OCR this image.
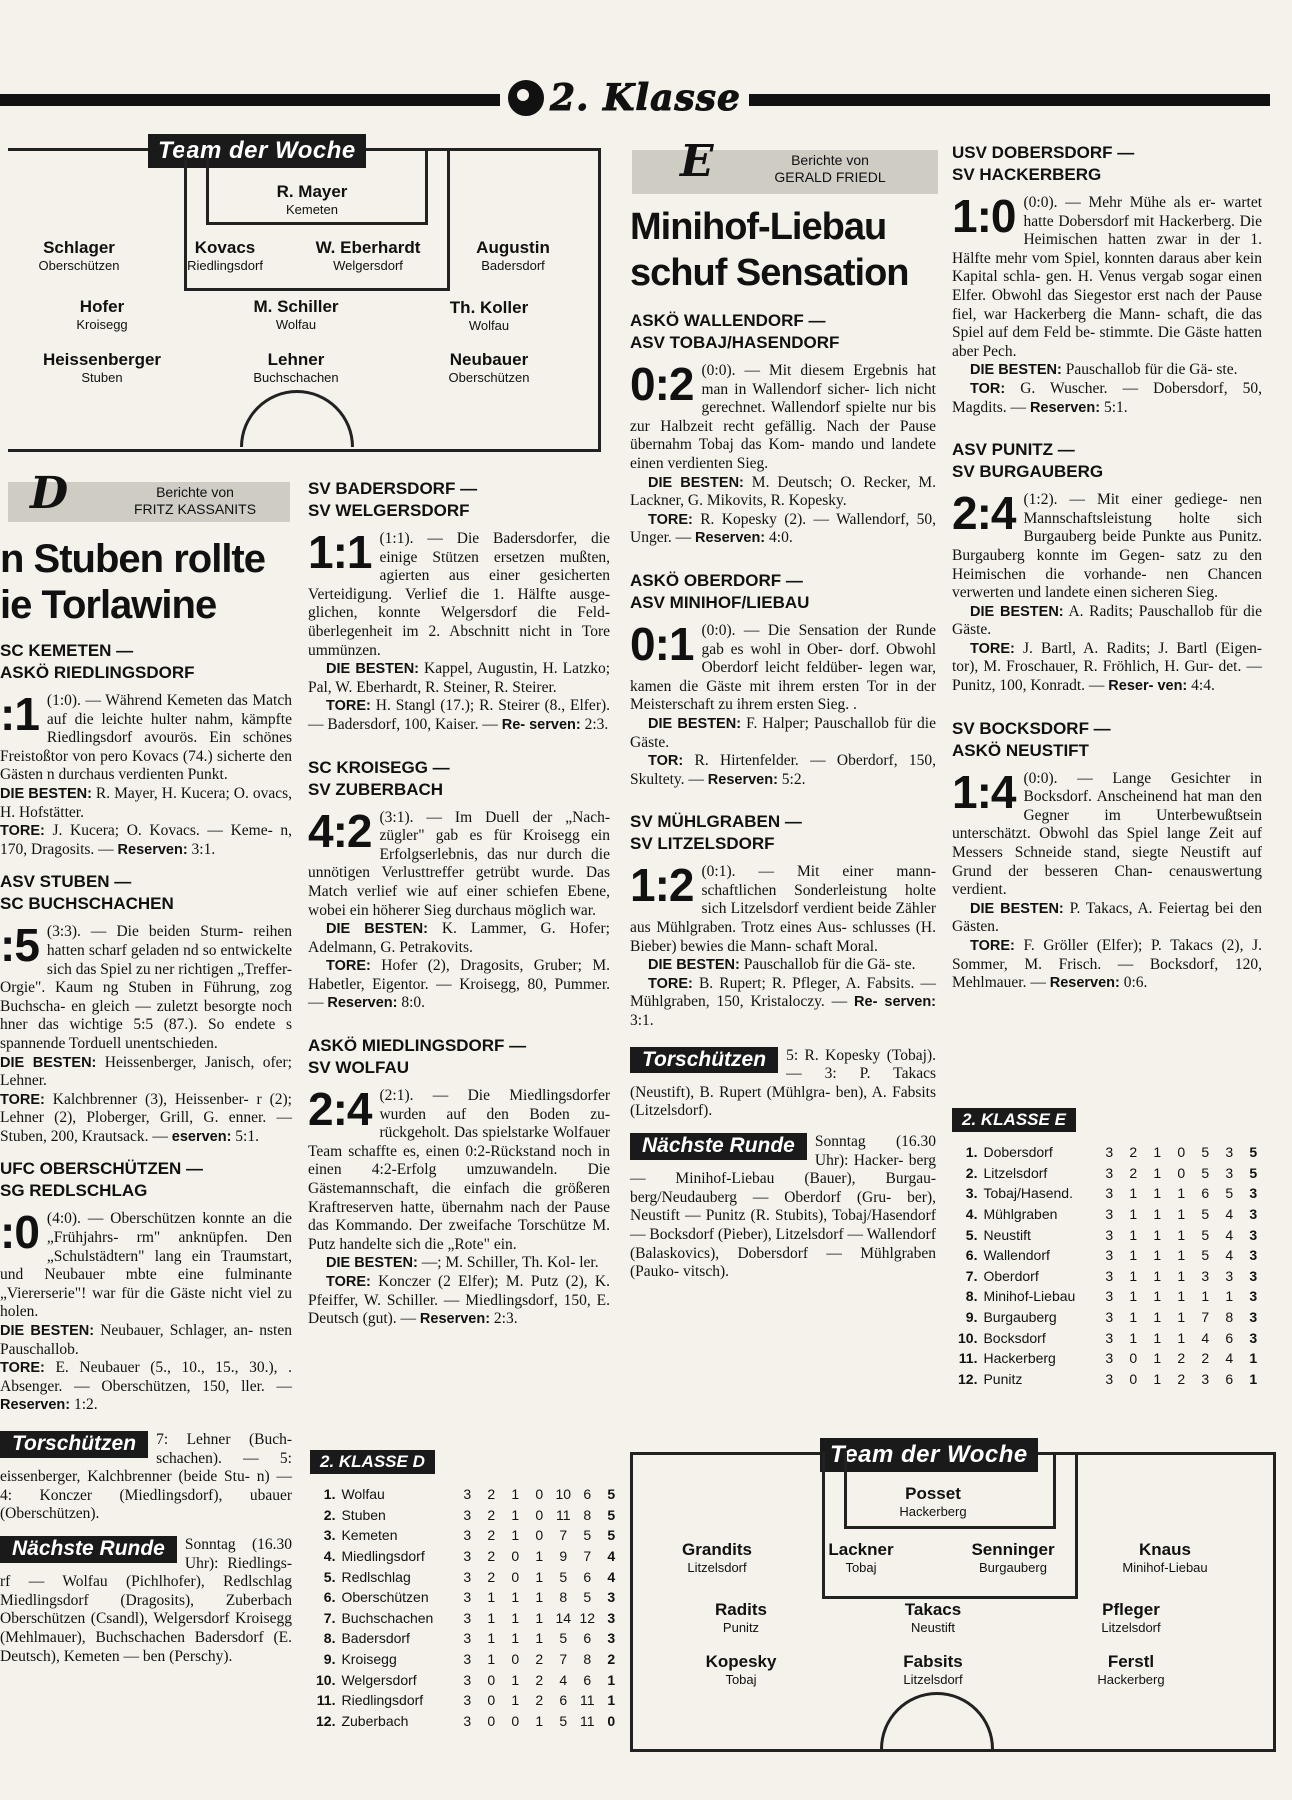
2. Klasse
Team der Woche
R. Mayer
Kemeten
Schlager
Oberschützen
Kovacs
Riedlingsdorf
W. Eberhardt
Welgersdorf
Augustin
Badersdorf
Hofer
Kroisegg
M. Schiller
Wolfau
Th. Koller
Wolfau
Heissenberger
Stuben
Lehner
Buchschachen
Neubauer
Oberschützen
D	Berichte von
FRITZ KASSANITS
n Stuben rollte
ie Torlawine

SC KEMETEN —

ASKÖ RIEDLINGSDORF

:1 (1:0). — Während Kemeten das Match auf die leichte hulter nahm, kämpfte Riedlingsdorf avourös. Ein schönes Freistoßtor von pero Kovacs (74.) sicherte den Gästen n durchaus verdienten Punkt.

DIE BESTEN: R. Mayer, H. Kucera; O. ovacs, H. Hofstätter.

TORE: J. Kucera; O. Kovacs. — Keme- n, 170, Dragosits. — Reserven: 3:1.

ASV STUBEN —

SC BUCHSCHACHEN

:5 (3:3). — Die beiden Sturm- reihen hatten scharf geladen nd so entwickelte sich das Spiel zu ner richtigen „Treffer-Orgie". Kaum ng Stuben in Führung, zog Buchscha- en gleich — zuletzt besorgte noch hner das wichtige 5:5 (87.). So endete s spannende Torduell unentschieden.

DIE BESTEN: Heissenberger, Janisch, ofer; Lehner.

TORE: Kalchbrenner (3), Heissenber- r (2); Lehner (2), Ploberger, Grill, G. enner. — Stuben, 200, Krautsack. — eserven: 5:1.

UFC OBERSCHÜTZEN —

SG REDLSCHLAG

:0 (4:0). — Oberschützen konnte an die „Frühjahrs- rm" anknüpfen. Den „Schulstädtern" lang ein Traumstart, und Neubauer mbte eine fulminante „Viererserie"! war für die Gäste nicht viel zu holen.

DIE BESTEN: Neubauer, Schlager, an- nsten Pauschallob.

TORE: E. Neubauer (5., 10., 15., 30.), . Absenger. — Oberschützen, 150, ller. — Reserven: 1:2.

Torschützen	7: Lehner (Buch- schachen). — 5: eissenberger, Kalchbrenner (beide Stu- n) — 4: Konczer (Miedlingsdorf), ubauer (Oberschützen).

Nächste Runde	Sonntag (16.30 Uhr): Riedlings- rf — Wolfau (Pichlhofer), Redlschlag Miedlingsdorf (Dragosits), Zuberbach Oberschützen (Csandl), Welgersdorf Kroisegg (Mehlmauer), Buchschachen Badersdorf (E. Deutsch), Kemeten — ben (Perschy).

SV BADERSDORF —

SV WELGERSDORF

1:1 (1:1). — Die Badersdorfer, die einige Stützen ersetzen mußten, agierten aus einer gesicherten Verteidigung. Verlief die 1. Hälfte ausge- glichen, konnte Welgersdorf die Feld- überlegenheit im 2. Abschnitt nicht in Tore ummünzen.

DIE BESTEN: Kappel, Augustin, H. Latzko; Pal, W. Eberhardt, R. Steiner, R. Steirer.

TORE: H. Stangl (17.); R. Steirer (8., Elfer). — Badersdorf, 100, Kaiser. — Re- serven: 2:3.

SC KROISEGG —

SV ZUBERBACH

4:2 (3:1). — Im Duell der „Nach- zügler" gab es für Kroisegg ein Erfolgserlebnis, das nur durch die unnötigen Verlusttreffer getrübt wurde. Das Match verlief wie auf einer schiefen Ebene, wobei ein höherer Sieg durchaus möglich war.

DIE BESTEN: K. Lammer, G. Hofer; Adelmann, G. Petrakovits.

TORE: Hofer (2), Dragosits, Gruber; M. Habetler, Eigentor. — Kroisegg, 80, Pummer. — Reserven: 8:0.

ASKÖ MIEDLINGSDORF —

SV WOLFAU

2:4 (2:1). — Die Miedlingsdorfer wurden auf den Boden zu- rückgeholt. Das spielstarke Wolfauer Team schaffte es, einen 0:2-Rückstand noch in einen 4:2-Erfolg umzuwandeln. Die Gästemannschaft, die einfach die größeren Kraftreserven hatte, übernahm nach der Pause das Kommando. Der zweifache Torschütze M. Putz handelte sich die „Rote" ein.

DIE BESTEN: —; M. Schiller, Th. Kol- ler.

TORE: Konczer (2 Elfer); M. Putz (2), K. Pfeiffer, W. Schiller. — Miedlingsdorf, 150, E. Deutsch (gut). — Reserven: 2:3.

2. KLASSE D
1.	Wolfau	3	2	1	0	10	6	5
2.	Stuben	3	2	1	0	11	8	5
3.	Kemeten	3	2	1	0	7	5	5
4.	Miedlingsdorf	3	2	0	1	9	7	4
5.	Redlschlag	3	2	0	1	5	6	4
6.	Oberschützen	3	1	1	1	8	5	3
7.	Buchschachen	3	1	1	1	14	12	3
8.	Badersdorf	3	1	1	1	5	6	3
9.	Kroisegg	3	1	0	2	7	8	2
10.	Welgersdorf	3	0	1	2	4	6	1
11.	Riedlingsdorf	3	0	1	2	6	11	1
12.	Zuberbach	3	0	0	1	5	11	0
E	Berichte von
GERALD FRIEDL
Minihof-Liebau
schuf Sensation

ASKÖ WALLENDORF —

ASV TOBAJ/HASENDORF

0:2 (0:0). — Mit diesem Ergebnis hat man in Wallendorf sicher- lich nicht gerechnet. Wallendorf spielte nur bis zur Halbzeit recht gefällig. Nach der Pause übernahm Tobaj das Kom- mando und landete einen verdienten Sieg.

DIE BESTEN: M. Deutsch; O. Recker, M. Lackner, G. Mikovits, R. Kopesky.

TORE: R. Kopesky (2). — Wallendorf, 50, Unger. — Reserven: 4:0.

ASKÖ OBERDORF —

ASV MINIHOF/LIEBAU

0:1 (0:0). — Die Sensation der Runde gab es wohl in Ober- dorf. Obwohl Oberdorf leicht feldüber- legen war, kamen die Gäste mit ihrem ersten Tor in der Meisterschaft zu ihrem ersten Sieg. .

DIE BESTEN: F. Halper; Pauschallob für die Gäste.

TOR: R. Hirtenfelder. — Oberdorf, 150, Skultety. — Reserven: 5:2.

SV MÜHLGRABEN —

SV LITZELSDORF

1:2 (0:1). — Mit einer mann- schaftlichen Sonderleistung holte sich Litzelsdorf verdient beide Zähler aus Mühlgraben. Trotz eines Aus- schlusses (H. Bieber) bewies die Mann- schaft Moral.

DIE BESTEN: Pauschallob für die Gä- ste.

TORE: B. Rupert; R. Pfleger, A. Fabsits. — Mühlgraben, 150, Kristaloczy. — Re- serven: 3:1.

Torschützen	5: R. Kopesky (Tobaj). — 3: P. Takacs (Neustift), B. Rupert (Mühlgra- ben), A. Fabsits (Litzelsdorf).

Nächste Runde	Sonntag (16.30 Uhr): Hacker- berg — Minihof-Liebau (Bauer), Burgau- berg/Neudauberg — Oberdorf (Gru- ber), Neustift — Punitz (R. Stubits), Tobaj/Hasendorf — Bocksdorf (Pieber), Litzelsdorf — Wallendorf (Balaskovics), Dobersdorf — Mühlgraben (Pauko- vitsch).

USV DOBERSDORF —

SV HACKERBERG

1:0 (0:0). — Mehr Mühe als er- wartet hatte Dobersdorf mit Hackerberg. Die Heimischen hatten zwar in der 1. Hälfte mehr vom Spiel, konnten daraus aber kein Kapital schla- gen. H. Venus vergab sogar einen Elfer. Obwohl das Siegestor erst nach der Pause fiel, war Hackerberg die Mann- schaft, die das Spiel auf dem Feld be- stimmte. Die Gäste hatten aber Pech.

DIE BESTEN: Pauschallob für die Gä- ste.

TOR: G. Wuscher. — Dobersdorf, 50, Magdits. — Reserven: 5:1.

ASV PUNITZ —

SV BURGAUBERG

2:4 (1:2). — Mit einer gediege- nen Mannschaftsleistung holte sich Burgauberg beide Punkte aus Punitz. Burgauberg konnte im Gegen- satz zu den Heimischen die vorhande- nen Chancen verwerten und landete einen sicheren Sieg.

DIE BESTEN: A. Radits; Pauschallob für die Gäste.

TORE: J. Bartl, A. Radits; J. Bartl (Eigen- tor), M. Froschauer, R. Fröhlich, H. Gur- det. — Punitz, 100, Konradt. — Reser- ven: 4:4.

SV BOCKSDORF —

ASKÖ NEUSTIFT

1:4 (0:0). — Lange Gesichter in Bocksdorf. Anscheinend hat man den Gegner im Unterbewußtsein unterschätzt. Obwohl das Spiel lange Zeit auf Messers Schneide stand, siegte Neustift auf Grund der besseren Chan- cenauswertung verdient.

DIE BESTEN: P. Takacs, A. Feiertag bei den Gästen.

TORE: F. Gröller (Elfer); P. Takacs (2), J. Sommer, M. Frisch. — Bocksdorf, 120, Mehlmauer. — Reserven: 0:6.

2. KLASSE E
1.	Dobersdorf	3	2	1	0	5	3	5
2.	Litzelsdorf	3	2	1	0	5	3	5
3.	Tobaj/Hasend.	3	1	1	1	6	5	3
4.	Mühlgraben	3	1	1	1	5	4	3
5.	Neustift	3	1	1	1	5	4	3
6.	Wallendorf	3	1	1	1	5	4	3
7.	Oberdorf	3	1	1	1	3	3	3
8.	Minihof-Liebau	3	1	1	1	1	1	3
9.	Burgauberg	3	1	1	1	7	8	3
10.	Bocksdorf	3	1	1	1	4	6	3
11.	Hackerberg	3	0	1	2	2	4	1
12.	Punitz	3	0	1	2	3	6	1
Team der Woche
Posset
Hackerberg
Grandits
Litzelsdorf
Lackner
Tobaj
Senninger
Burgauberg
Knaus
Minihof-Liebau
Radits
Punitz
Takacs
Neustift
Pfleger
Litzelsdorf
Kopesky
Tobaj
Fabsits
Litzelsdorf
Ferstl
Hackerberg
